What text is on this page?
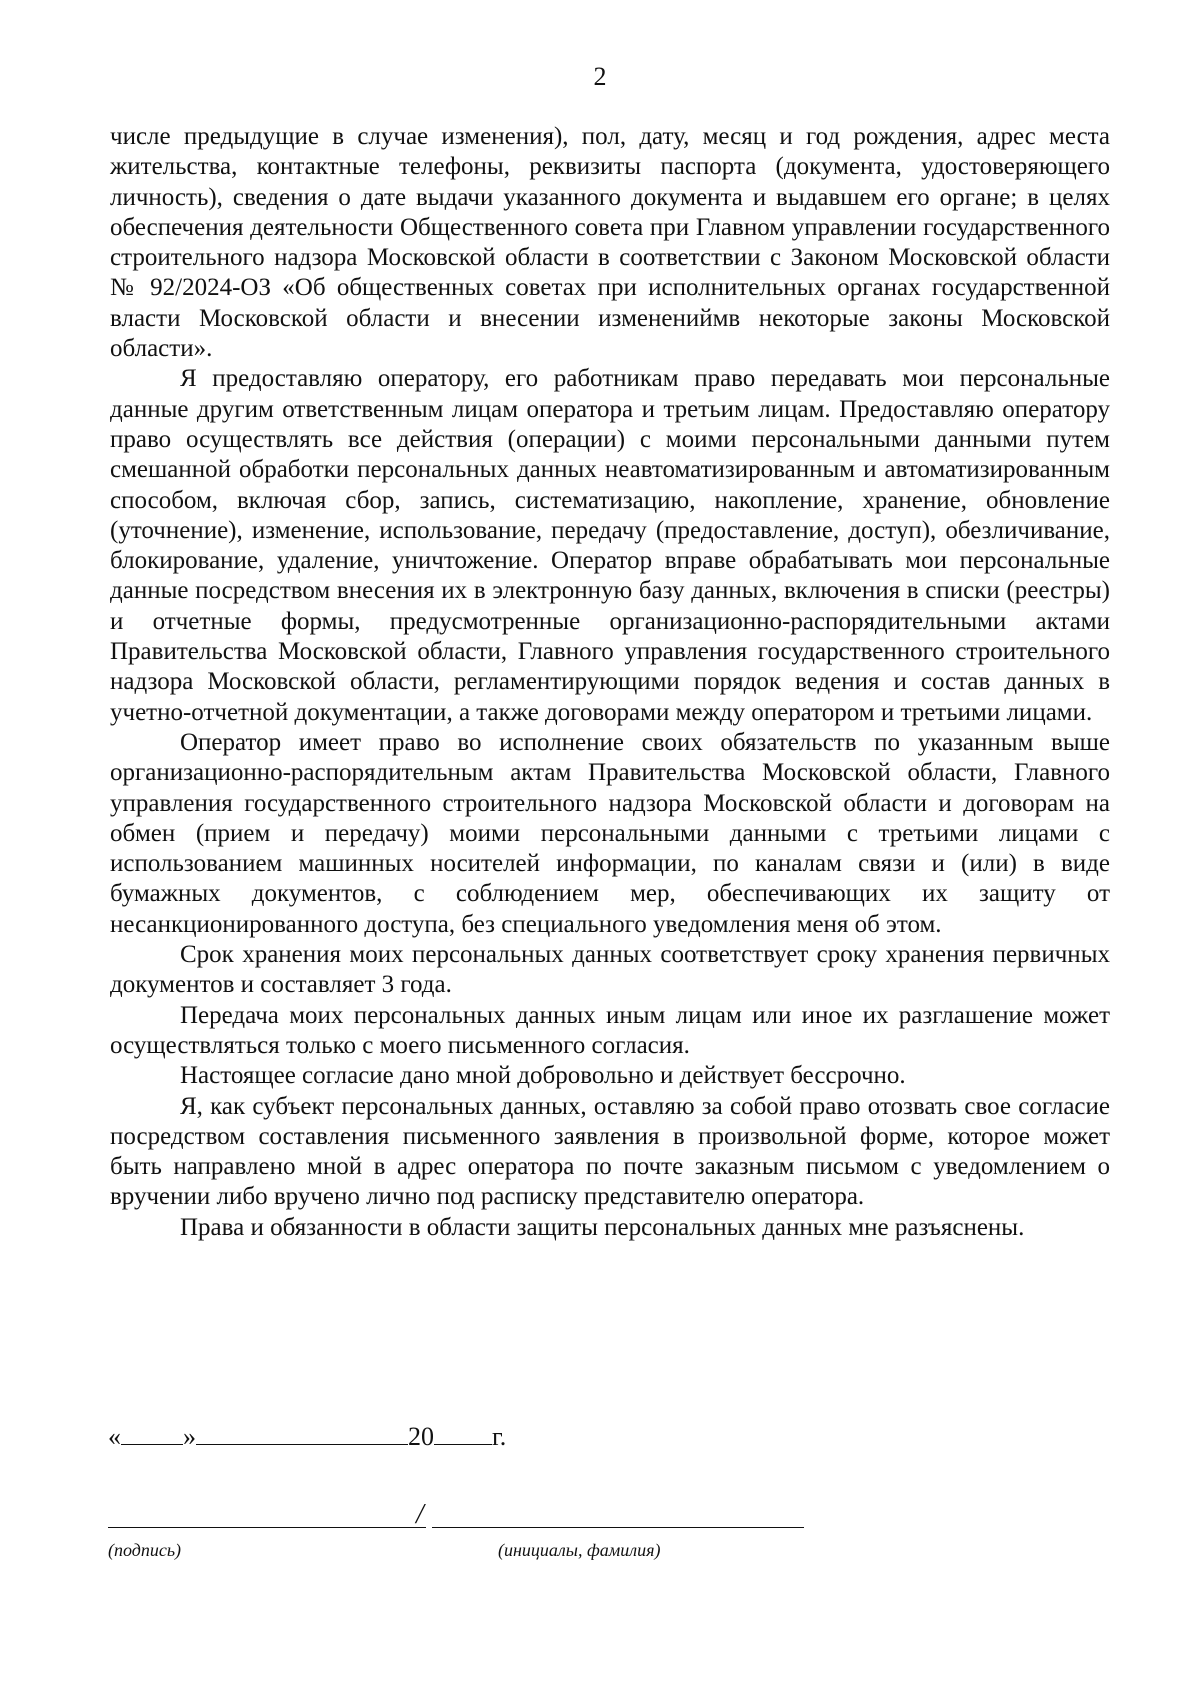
2

числе предыдущие в случае изменения), пол, дату, месяц и год рождения, адрес места жительства, контактные телефоны, реквизиты паспорта (документа, удостоверяющего личность), сведения о дате выдачи указанного документа и выдавшем его органе; в целях обеспечения деятельности Общественного совета при Главном управлении государственного строительного надзора Московской области в соответствии с Законом Московской области № 92/2024-ОЗ «Об общественных советах при исполнительных органах государственной власти Московской области и внесении изменениймв некоторые законы Московской области».

Я предоставляю оператору, его работникам право передавать мои персональные данные другим ответственным лицам оператора и третьим лицам. Предоставляю оператору право осуществлять все действия (операции) с моими персональными данными путем смешанной обработки персональных данных неавтоматизированным и автоматизированным способом, включая сбор, запись, систематизацию, накопление, хранение, обновление (уточнение), изменение, использование, передачу (предоставление, доступ), обезличивание, блокирование, удаление, уничтожение. Оператор вправе обрабатывать мои персональные данные посредством внесения их в электронную базу данных, включения в списки (реестры) и отчетные формы, предусмотренные организационно-распорядительными актами Правительства Московской области, Главного управления государственного строительного надзора Московской области, регламентирующими порядок ведения и состав данных в учетно-отчетной документации, а также договорами между оператором и третьими лицами.

Оператор имеет право во исполнение своих обязательств по указанным выше организационно-распорядительным актам Правительства Московской области, Главного управления государственного строительного надзора Московской области и договорам на обмен (прием и передачу) моими персональными данными с третьими лицами с использованием машинных носителей информации, по каналам связи и (или) в виде бумажных документов, с соблюдением мер, обеспечивающих их защиту от несанкционированного доступа, без специального уведомления меня об этом.

Срок хранения моих персональных данных соответствует сроку хранения первичных документов и составляет 3 года.

Передача моих персональных данных иным лицам или иное их разглашение может осуществляться только с моего письменного согласия.

Настоящее согласие дано мной добровольно и действует бессрочно.

Я, как субъект персональных данных, оставляю за собой право отозвать свое согласие посредством составления письменного заявления в произвольной форме, которое может быть направлено мной в адрес оператора по почте заказным письмом с уведомлением о вручении либо вручено лично под расписку представителю оператора.

Права и обязанности в области защиты персональных данных мне разъяснены.

« »	20 г.
/
(подпись)	(инициалы, фамилия)
